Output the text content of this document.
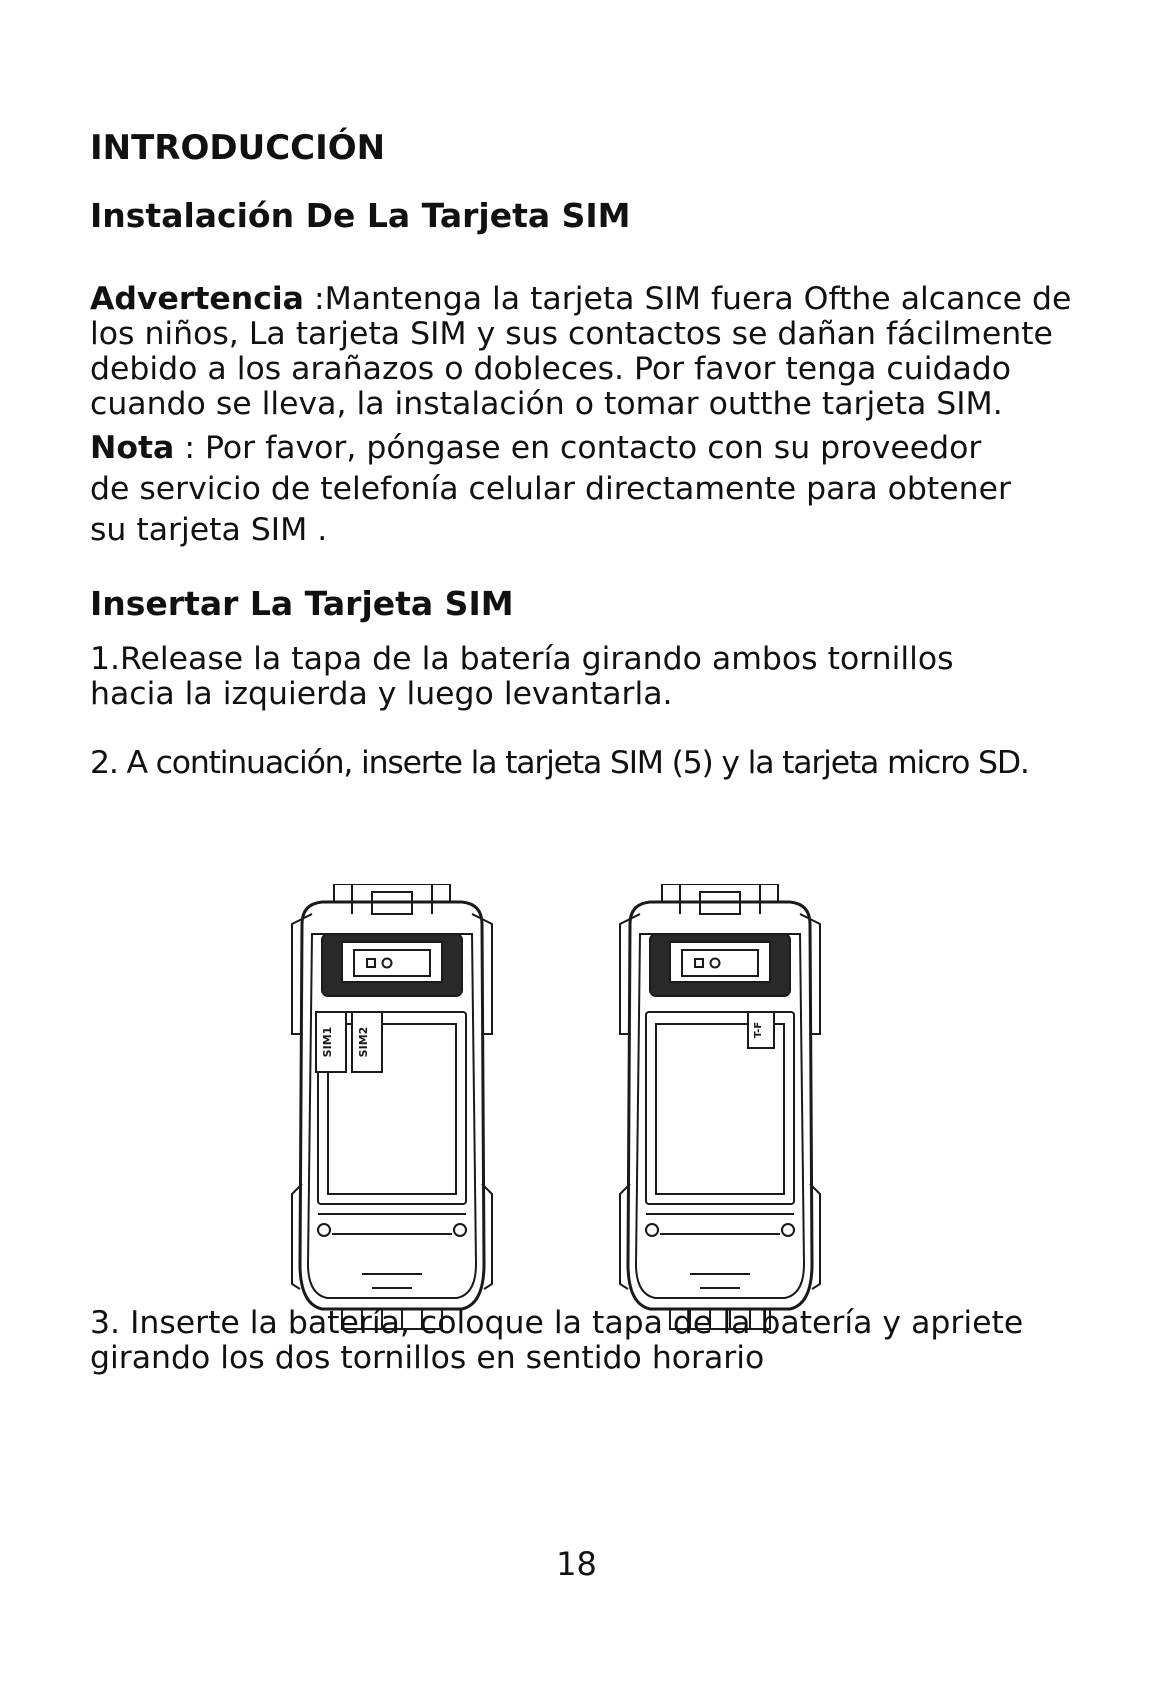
INTRODUCCIÓN
Instalación De La Tarjeta SIM

Advertencia :Mantenga la tarjeta SIM fuera Ofthe alcance de

los niños, La tarjeta SIM y sus contactos se dañan fácilmente

debido a los arañazos o dobleces. Por favor tenga cuidado

cuando se lleva, la instalación o tomar outthe tarjeta SIM.

Nota : Por favor, póngase en contacto con su proveedor

de servicio de telefonía celular directamente para obtener

su tarjeta SIM .

Insertar La Tarjeta SIM

1.Release la tapa de la batería girando ambos tornillos

hacia la izquierda y luego levantarla.

2. A continuación, inserte la tarjeta SIM (5) y la tarjeta micro SD.

SIM1 SIM2	T-F

3. Inserte la batería, coloque la tapa de la batería y apriete

girando los dos tornillos en sentido horario

18
